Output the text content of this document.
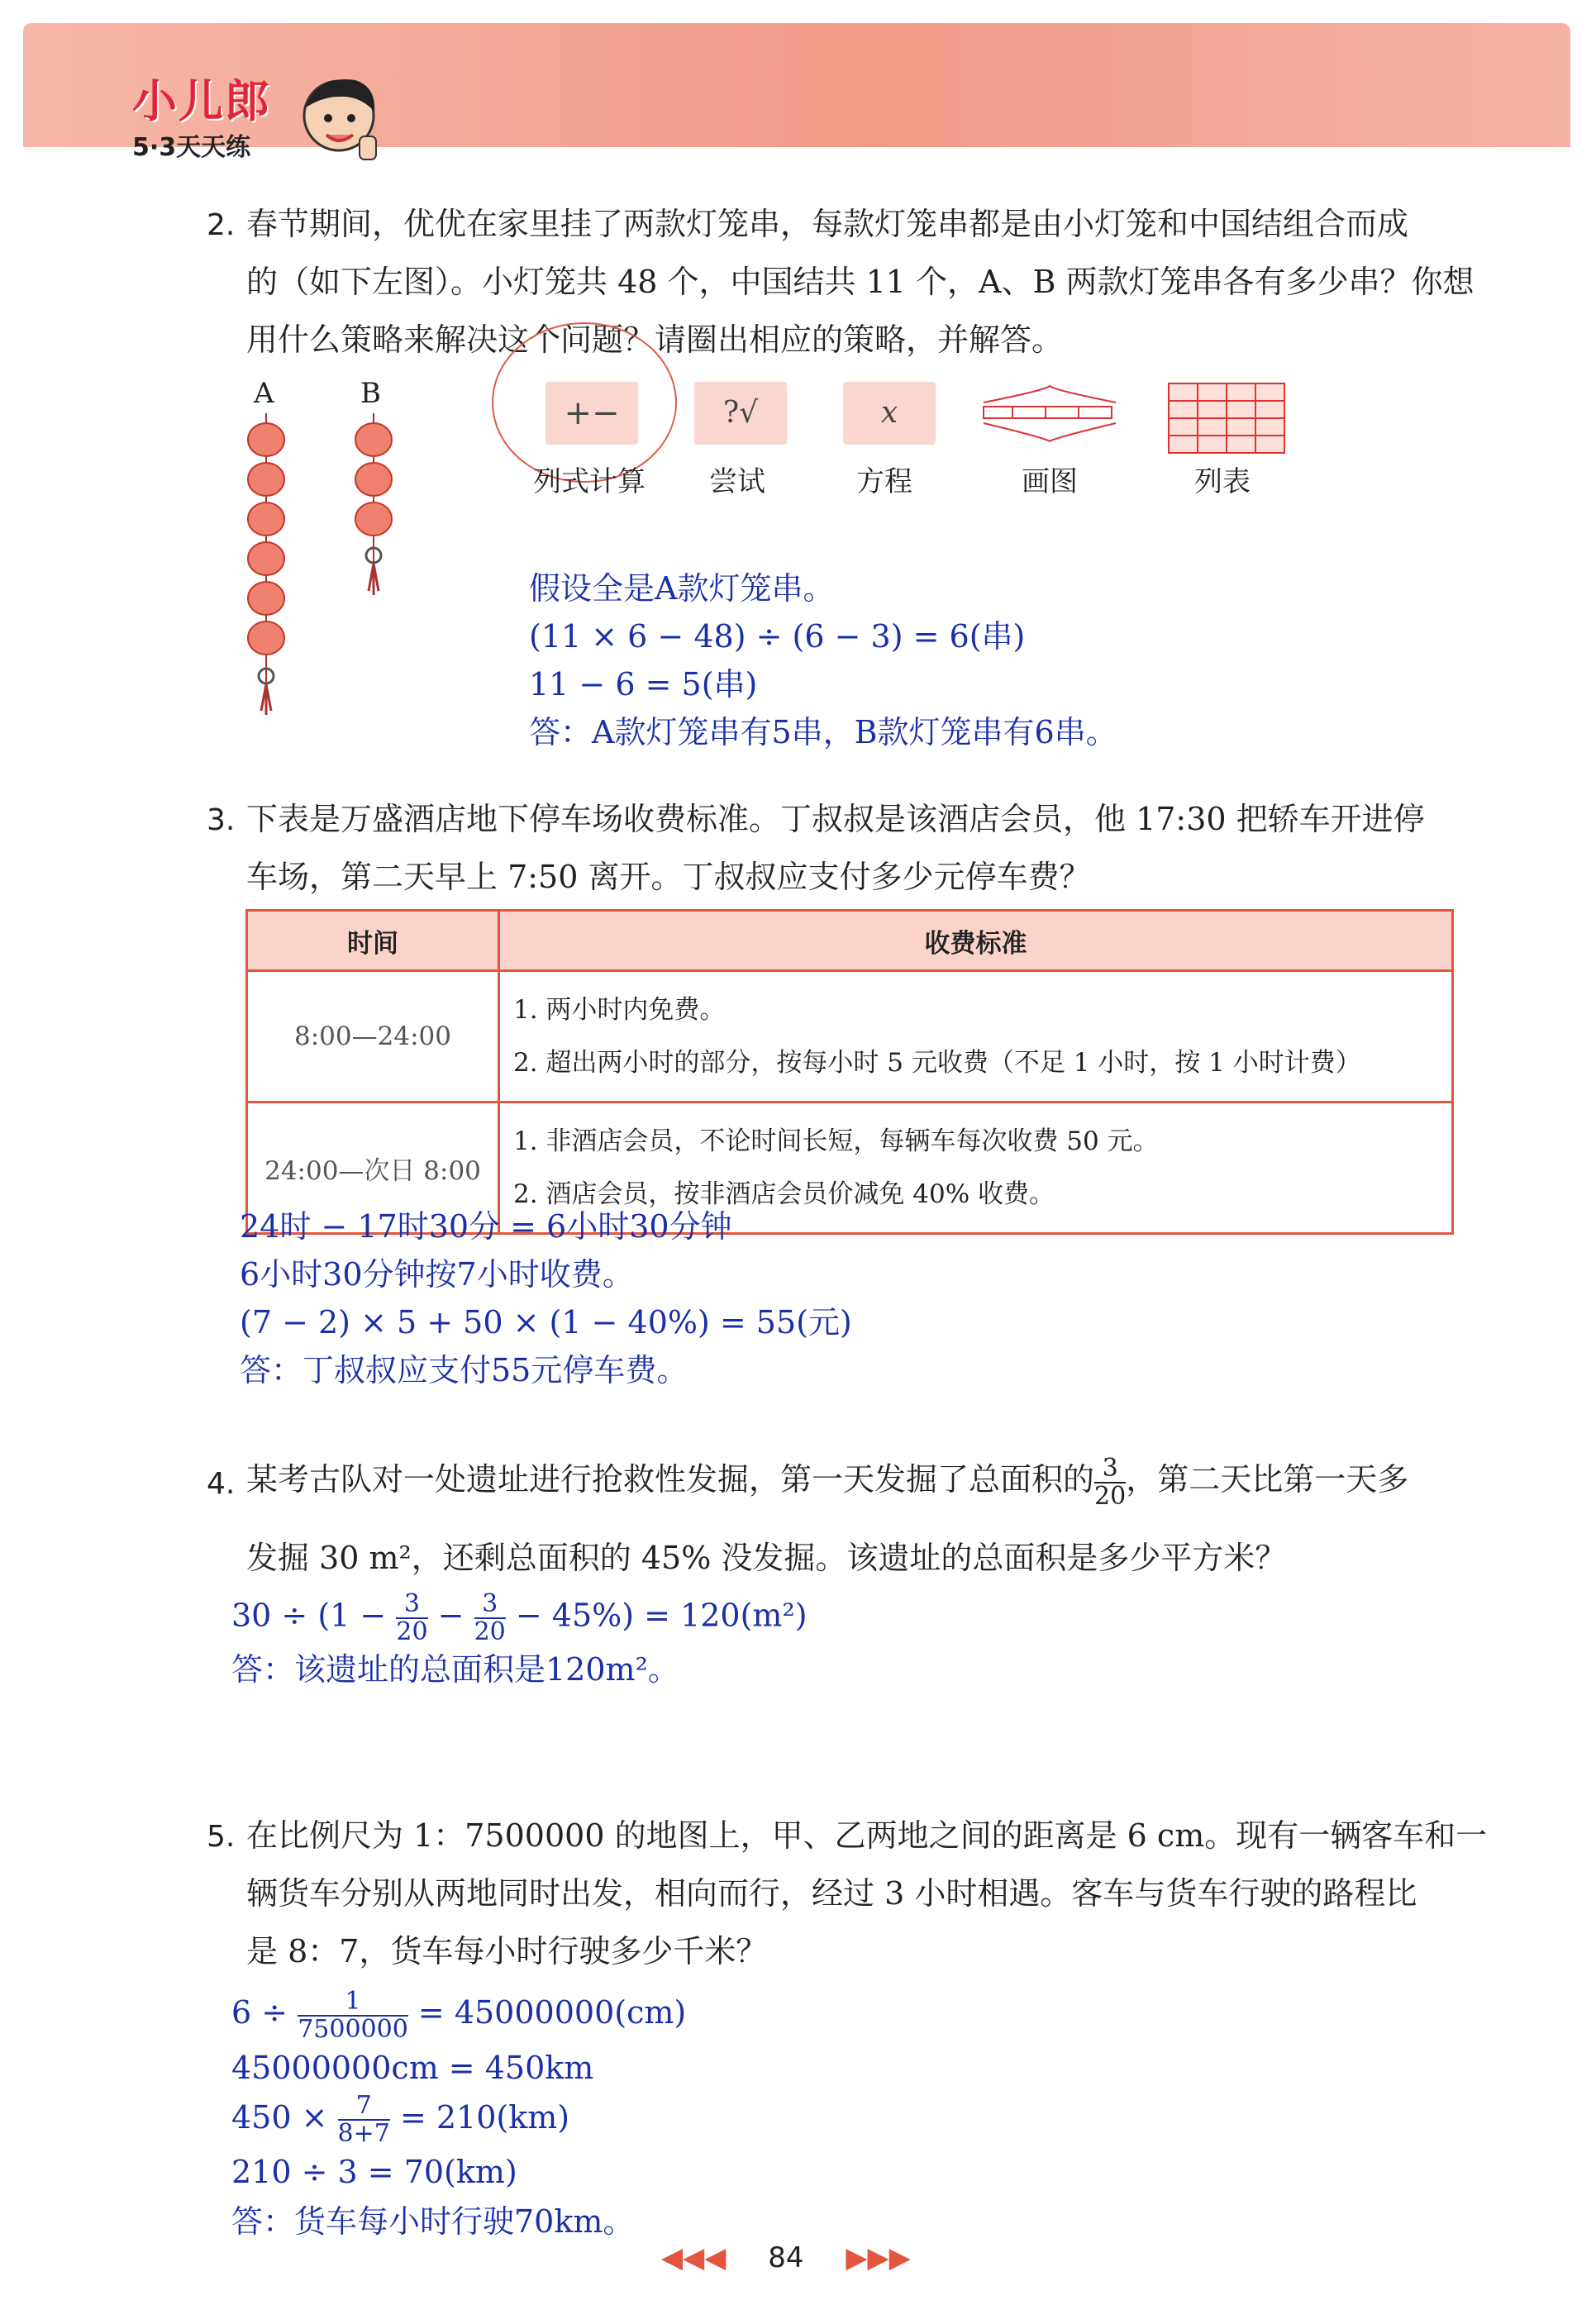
小儿郎
5·3天天练
2. 春节期间，优优在家里挂了两款灯笼串，每款灯笼串都是由小灯笼和中国结组合而成
的（如下左图）。小灯笼共 48 个，中国结共 11 个，A、B 两款灯笼串各有多少串？你想
用什么策略来解决这个问题？请圈出相应的策略，并解答。
A	B
+−	?√	x
列式计算 尝试	方程	画图	列表
假设全是A款灯笼串。
(11 × 6 − 48) ÷ (6 − 3) = 6(串)
11 − 6 = 5(串)
答：A款灯笼串有5串，B款灯笼串有6串。
3. 下表是万盛酒店地下停车场收费标准。丁叔叔是该酒店会员，他 17:30 把轿车开进停
车场，第二天早上 7:50 离开。丁叔叔应支付多少元停车费？
时间	收费标准
8:00—24:00	1. 两小时内免费。
2. 超出两小时的部分，按每小时 5 元收费（不足 1 小时，按 1 小时计费）

24:00—次日 8:00	1. 非酒店会员，不论时间长短，每辆车每次收费 50 元。
2. 酒店会员，按非酒店会员价减免 40% 收费。
24时 − 17时30分 = 6小时30分钟
6小时30分钟按7小时收费。
(7 − 2) × 5 + 50 × (1 − 40%) = 55(元)
答：丁叔叔应支付55元停车费。
4. 某考古队对一处遗址进行抢救性发掘，第一天发掘了总面积的 $\frac{3}{20}$ ，第二天比第一天多
发掘 30 m²，还剩总面积的 45% 没发掘。该遗址的总面积是多少平方米？
$30 \div (1 - \frac{3}{20} - \frac{3}{20} - 45\%) = 120(m^2)$
答：该遗址的总面积是120m²。
5. 在比例尺为 1：7500000 的地图上，甲、乙两地之间的距离是 6 cm。现有一辆客车和一
辆货车分别从两地同时出发，相向而行，经过 3 小时相遇。客车与货车行驶的路程比
是 8：7，货车每小时行驶多少千米？
$6 \div \frac{1}{7500000} = 45000000(cm)$
45000000cm = 450km
$450 \times \frac{7}{8+7} = 210(km)$
210 ÷ 3 = 70(km)
答：货车每小时行驶70km。
◀◀◀ 84 ▶▶▶
